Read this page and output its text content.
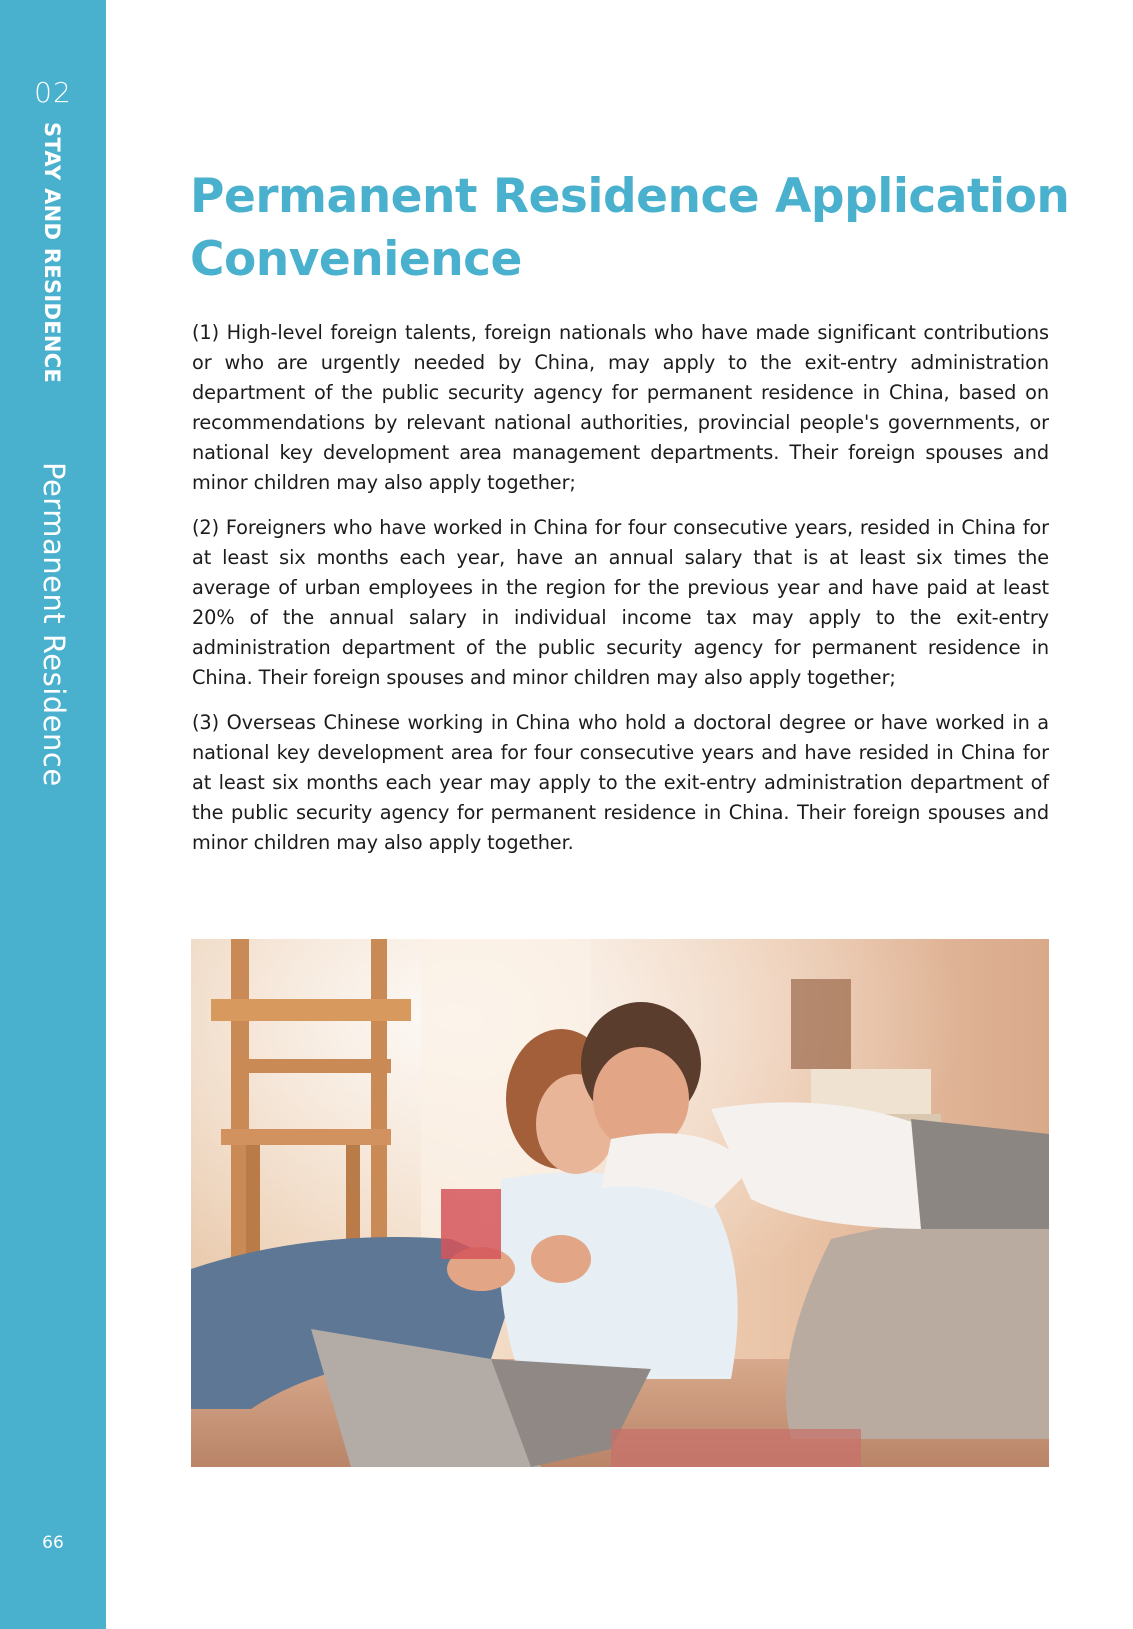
02
STAY AND RESIDENCE
Permanent Residence
66
Permanent Residence Application Convenience

(1) High-level foreign talents, foreign nationals who have made significant contributions or who are urgently needed by China, may apply to the exit-entry administration department of the public security agency for permanent residence in China, based on recommendations by relevant national authorities, provincial people's governments, or national key development area management departments. Their foreign spouses and minor children may also apply together;

(2) Foreigners who have worked in China for four consecutive years, resided in China for at least six months each year, have an annual salary that is at least six times the average of urban employees in the region for the previous year and have paid at least 20% of the annual salary in individual income tax may apply to the exit-entry administration department of the public security agency for permanent residence in China. Their foreign spouses and minor children may also apply together;

(3) Overseas Chinese working in China who hold a doctoral degree or have worked in a national key development area for four consecutive years and have resided in China for at least six months each year may apply to the exit-entry administration department of the public security agency for permanent residence in China. Their foreign spouses and minor children may also apply together.
